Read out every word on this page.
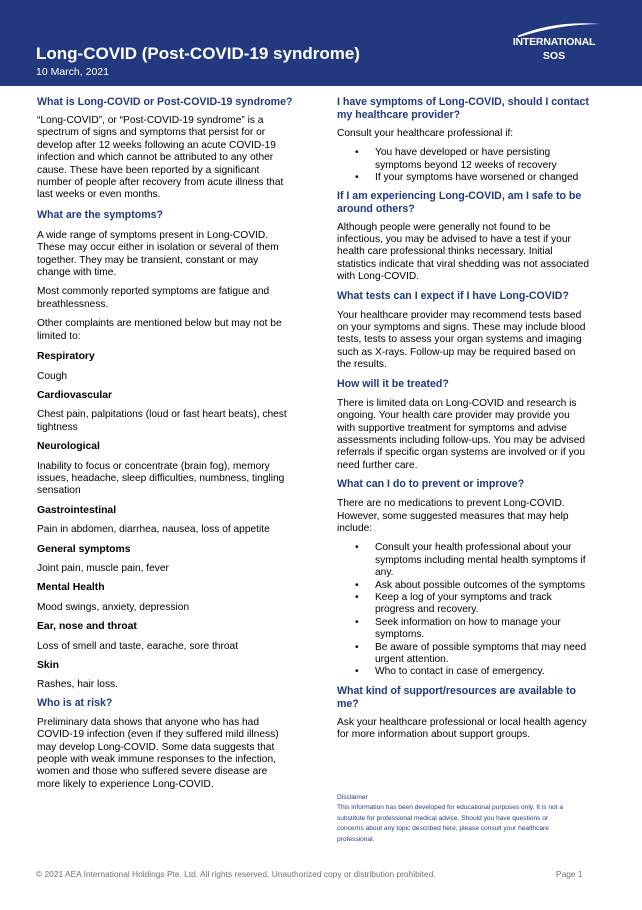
Long-COVID (Post-COVID-19 syndrome)
10 March, 2021
INTERNATIONAL
SOS
What is Long-COVID or Post-COVID-19 syndrome?

“Long-COVID”, or “Post-COVID-19 syndrome” is a
spectrum of signs and symptoms that persist for or
develop after 12 weeks following an acute COVID-19
infection and which cannot be attributed to any other
cause. These have been reported by a significant
number of people after recovery from acute illness that
last weeks or even months.

What are the symptoms?

A wide range of symptoms present in Long-COVID.
These may occur either in isolation or several of them
together. They may be transient, constant or may
change with time.

Most commonly reported symptoms are fatigue and
breathlessness.

Other complaints are mentioned below but may not be
limited to:

Respiratory

Cough

Cardiovascular

Chest pain, palpitations (loud or fast heart beats), chest
tightness

Neurological

Inability to focus or concentrate (brain fog), memory
issues, headache, sleep difficulties, numbness, tingling
sensation

Gastrointestinal

Pain in abdomen, diarrhea, nausea, loss of appetite

General symptoms

Joint pain, muscle pain, fever

Mental Health

Mood swings, anxiety, depression

Ear, nose and throat

Loss of smell and taste, earache, sore throat

Skin

Rashes, hair loss.

Who is at risk?

Preliminary data shows that anyone who has had
COVID-19 infection (even if they suffered mild illness)
may develop Long-COVID. Some data suggests that
people with weak immune responses to the infection,
women and those who suffered severe disease are
more likely to experience Long-COVID.

I have symptoms of Long-COVID, should I contact
my healthcare provider?

Consult your healthcare professional if:

• You have developed or have persisting
symptoms beyond 12 weeks of recovery
• If your symptoms have worsened or changed
If I am experiencing Long-COVID, am I safe to be
around others?

Although people were generally not found to be
infectious, you may be advised to have a test if your
health care professional thinks necessary. Initial
statistics indicate that viral shedding was not associated
with Long-COVID.

What tests can I expect if I have Long-COVID?

Your healthcare provider may recommend tests based
on your symptoms and signs. These may include blood
tests, tests to assess your organ systems and imaging
such as X-rays. Follow-up may be required based on
the results.

How will it be treated?

There is limited data on Long-COVID and research is
ongoing. Your health care provider may provide you
with supportive treatment for symptoms and advise
assessments including follow-ups. You may be advised
referrals if specific organ systems are involved or if you
need further care.

What can I do to prevent or improve?

There are no medications to prevent Long-COVID.
However, some suggested measures that may help
include:

• Consult your health professional about your
symptoms including mental health symptoms if
any.
• Ask about possible outcomes of the symptoms
• Keep a log of your symptoms and track
progress and recovery.
• Seek information on how to manage your
symptoms.
• Be aware of possible symptoms that may need
urgent attention.
• Who to contact in case of emergency.
What kind of support/resources are available to
me?

Ask your healthcare professional or local health agency
for more information about support groups.

Disclaimer
This information has been developed for educational purposes only. It is not a
substitute for professional medical advice. Should you have questions or
concerns about any topic described here, please consult your healthcare
professional.
© 2021 AEA International Holdings Pte. Ltd. All rights reserved. Unauthorized copy or distribution prohibited.	Page 1
